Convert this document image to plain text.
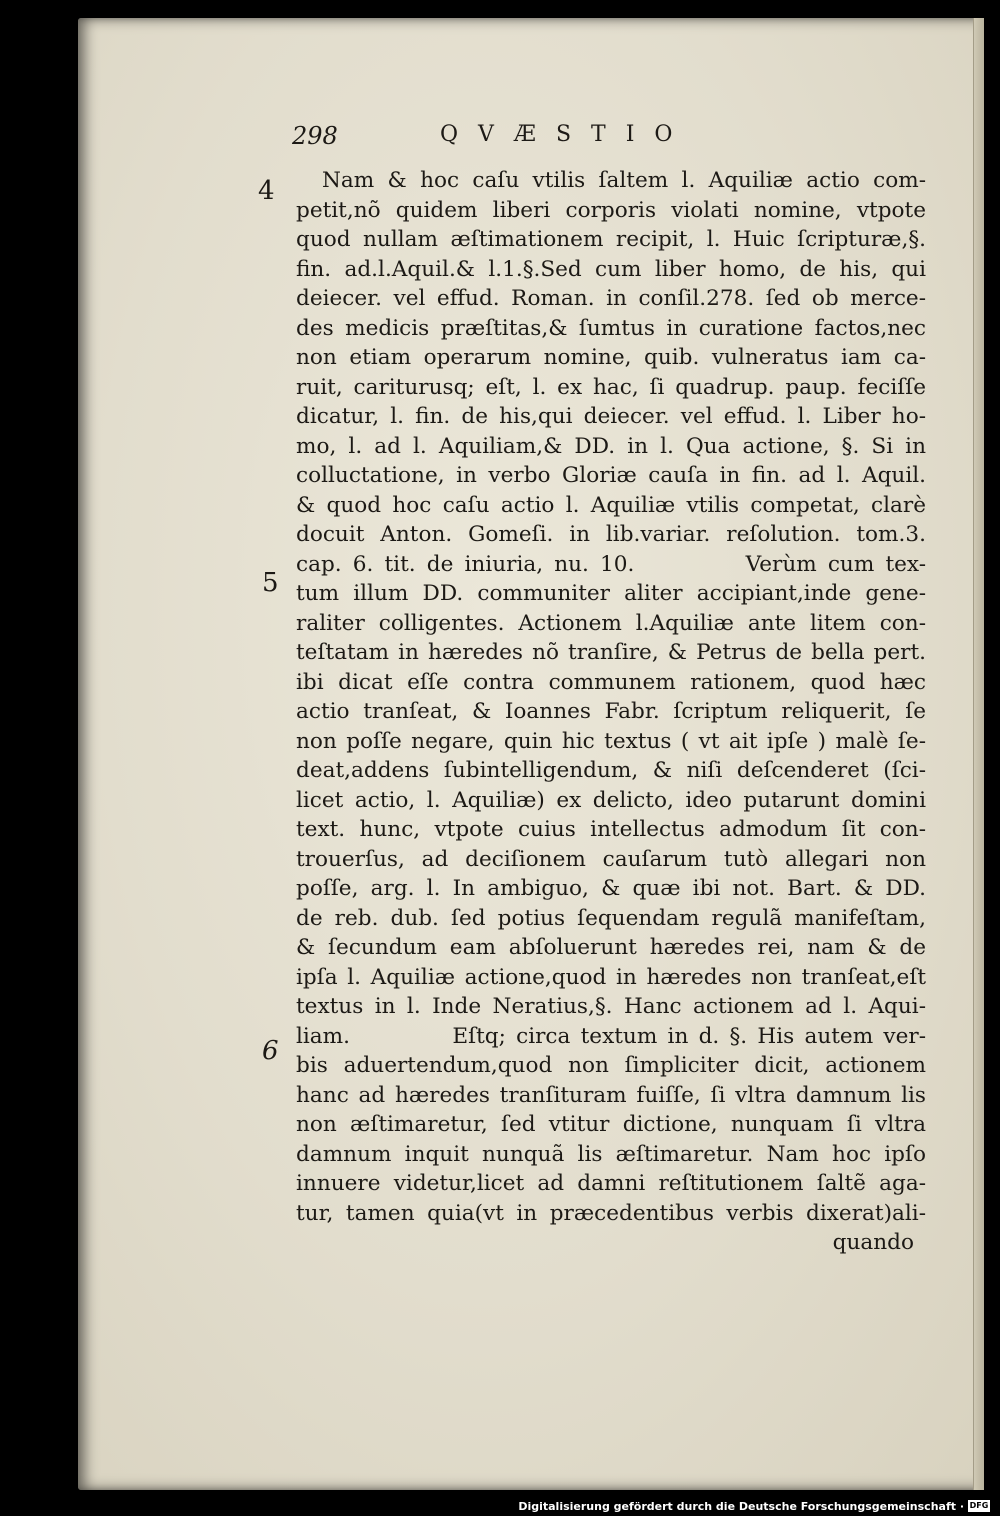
298	QVÆSTIO
4
5
6
Nam & hoc caſu vtilis ſaltem l. Aquiliæ actio com-
petit,nõ quidem liberi corporis violati nomine, vtpote
quod nullam æſtimationem recipit, l. Huic ſcripturæ,§.
fin. ad.l.Aquil.& l.1.§.Sed cum liber homo, de his, qui
deiecer. vel effud. Roman. in conſil.278. ſed ob merce-
des medicis præſtitas,& ſumtus in curatione factos,nec
non etiam operarum nomine, quib. vulneratus iam ca-
ruit, cariturusq; eſt, l. ex hac, ſi quadrup. paup. feciſſe
dicatur, l. fin. de his,qui deiecer. vel effud. l. Liber ho-
mo, l. ad l. Aquiliam,& DD. in l. Qua actione, §. Si in
colluctatione, in verbo Gloriæ cauſa in fin. ad l. Aquil.
& quod hoc caſu actio l. Aquiliæ vtilis competat, clarè
docuit Anton. Gomeſi. in lib.variar. reſolution. tom.3.
cap. 6. tit. de iniuria, nu. 10.          Verùm cum tex-
tum illum DD. communiter aliter accipiant,inde gene-
raliter colligentes. Actionem l.Aquiliæ ante litem con-
teſtatam in hæredes nõ tranſire, & Petrus de bella pert.
ibi dicat eſſe contra communem rationem, quod hæc
actio tranſeat, & Ioannes Fabr. ſcriptum reliquerit, ſe
non poſſe negare, quin hic textus ( vt ait ipſe ) malè ſe-
deat,addens ſubintelligendum, & niſi deſcenderet (ſci-
licet actio, l. Aquiliæ) ex delicto, ideo putarunt domini
text. hunc, vtpote cuius intellectus admodum ſit con-
trouerſus, ad deciſionem cauſarum tutò allegari non
poſſe, arg. l. In ambiguo, & quæ ibi not. Bart. & DD.
de reb. dub. ſed potius ſequendam regulã manifeſtam,
& ſecundum eam abſoluerunt hæredes rei, nam & de
ipſa l. Aquiliæ actione,quod in hæredes non tranſeat,eſt
textus in l. Inde Neratius,§. Hanc actionem ad l. Aqui-
liam.          Eſtq; circa textum in d. §. His autem ver-
bis aduertendum,quod non ſimpliciter dicit, actionem
hanc ad hæredes tranſituram fuiſſe, ſi vltra damnum lis
non æſtimaretur, ſed vtitur dictione, nunquam ſi vltra
damnum inquit nunquã lis æſtimaretur. Nam hoc ipſo
innuere videtur,licet ad damni reſtitutionem ſaltẽ aga-
tur, tamen quia(vt in præcedentibus verbis dixerat)ali-
quando
Digitalisierung gefördert durch die Deutsche Forschungsgemeinschaft · DFG
